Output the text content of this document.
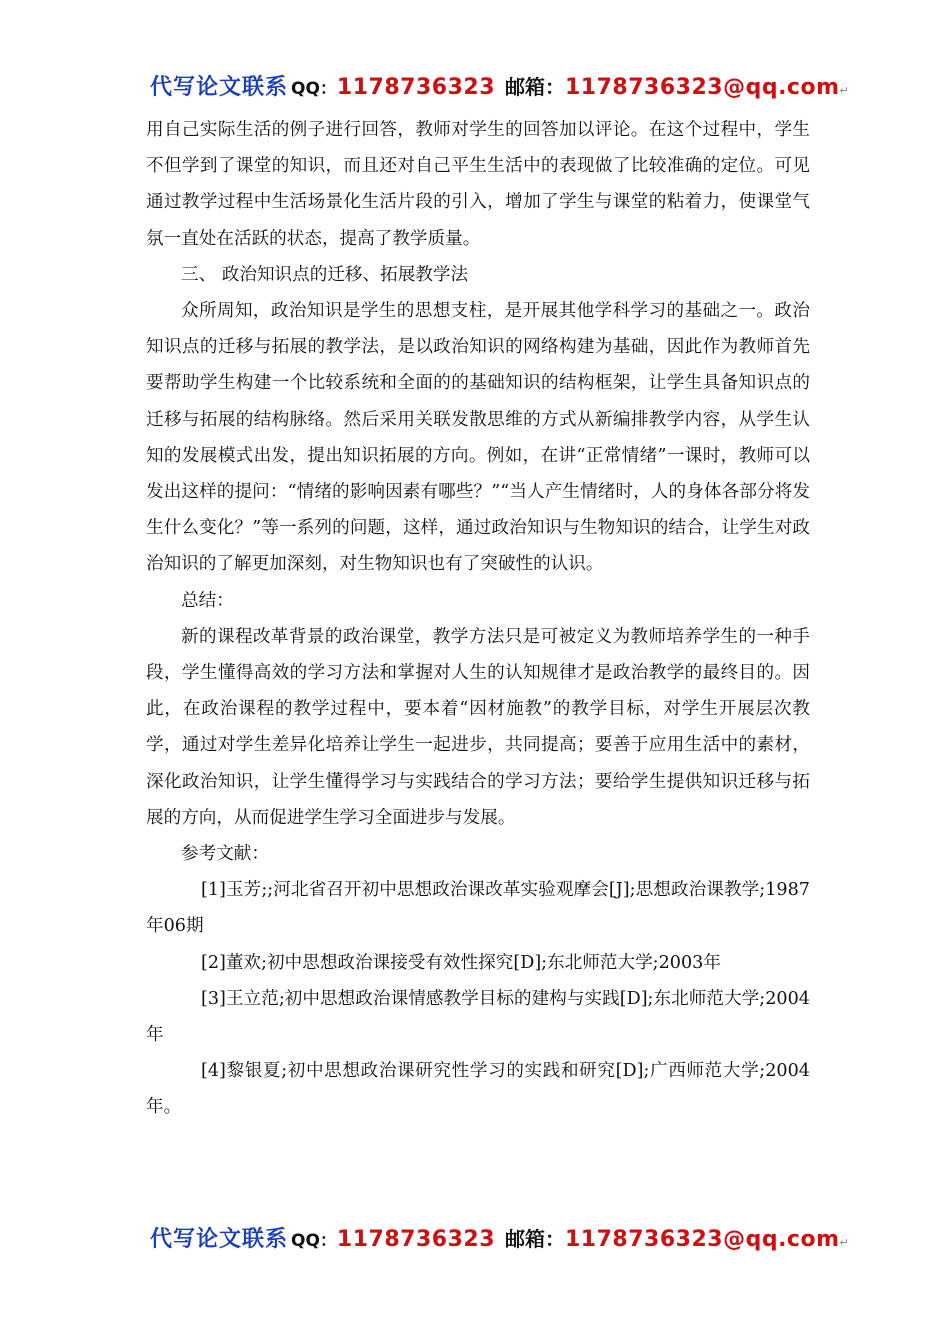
代写论文联系 QQ：1178736323 邮箱：1178736323@qq.com↵

用自己实际生活的例子进行回答，教师对学生的回答加以评论。在这个过程中，学生不但学到了课堂的知识，而且还对自己平生生活中的表现做了比较准确的定位。可见通过教学过程中生活场景化生活片段的引入，增加了学生与课堂的粘着力，使课堂气氛一直处在活跃的状态，提高了教学质量。

三、 政治知识点的迁移、拓展教学法

众所周知，政治知识是学生的思想支柱，是开展其他学科学习的基础之一。政治知识点的迁移与拓展的教学法，是以政治知识的网络构建为基础，因此作为教师首先要帮助学生构建一个比较系统和全面的的基础知识的结构框架，让学生具备知识点的迁移与拓展的结构脉络。然后采用关联发散思维的方式从新编排教学内容，从学生认知的发展模式出发，提出知识拓展的方向。例如，在讲“正常情绪”一课时，教师可以发出这样的提问：“情绪的影响因素有哪些？”“当人产生情绪时，人的身体各部分将发生什么变化？”等一系列的问题，这样，通过政治知识与生物知识的结合，让学生对政治知识的了解更加深刻，对生物知识也有了突破性的认识。

总结：

新的课程改革背景的政治课堂，教学方法只是可被定义为教师培养学生的一种手段，学生懂得高效的学习方法和掌握对人生的认知规律才是政治教学的最终目的。因此，在政治课程的教学过程中，要本着“因材施教”的教学目标，对学生开展层次教学，通过对学生差异化培养让学生一起进步，共同提高；要善于应用生活中的素材，深化政治知识，让学生懂得学习与实践结合的学习方法；要给学生提供知识迁移与拓展的方向，从而促进学生学习全面进步与发展。

参考文献：

[1]玉芳;;河北省召开初中思想政治课改革实验观摩会[J];思想政治课教学;1987年06期

[2]董欢;初中思想政治课接受有效性探究[D];东北师范大学;2003年

[3]王立范;初中思想政治课情感教学目标的建构与实践[D];东北师范大学;2004年

[4]黎银夏;初中思想政治课研究性学习的实践和研究[D];广西师范大学;2004年。

代写论文联系 QQ：1178736323 邮箱：1178736323@qq.com↵
